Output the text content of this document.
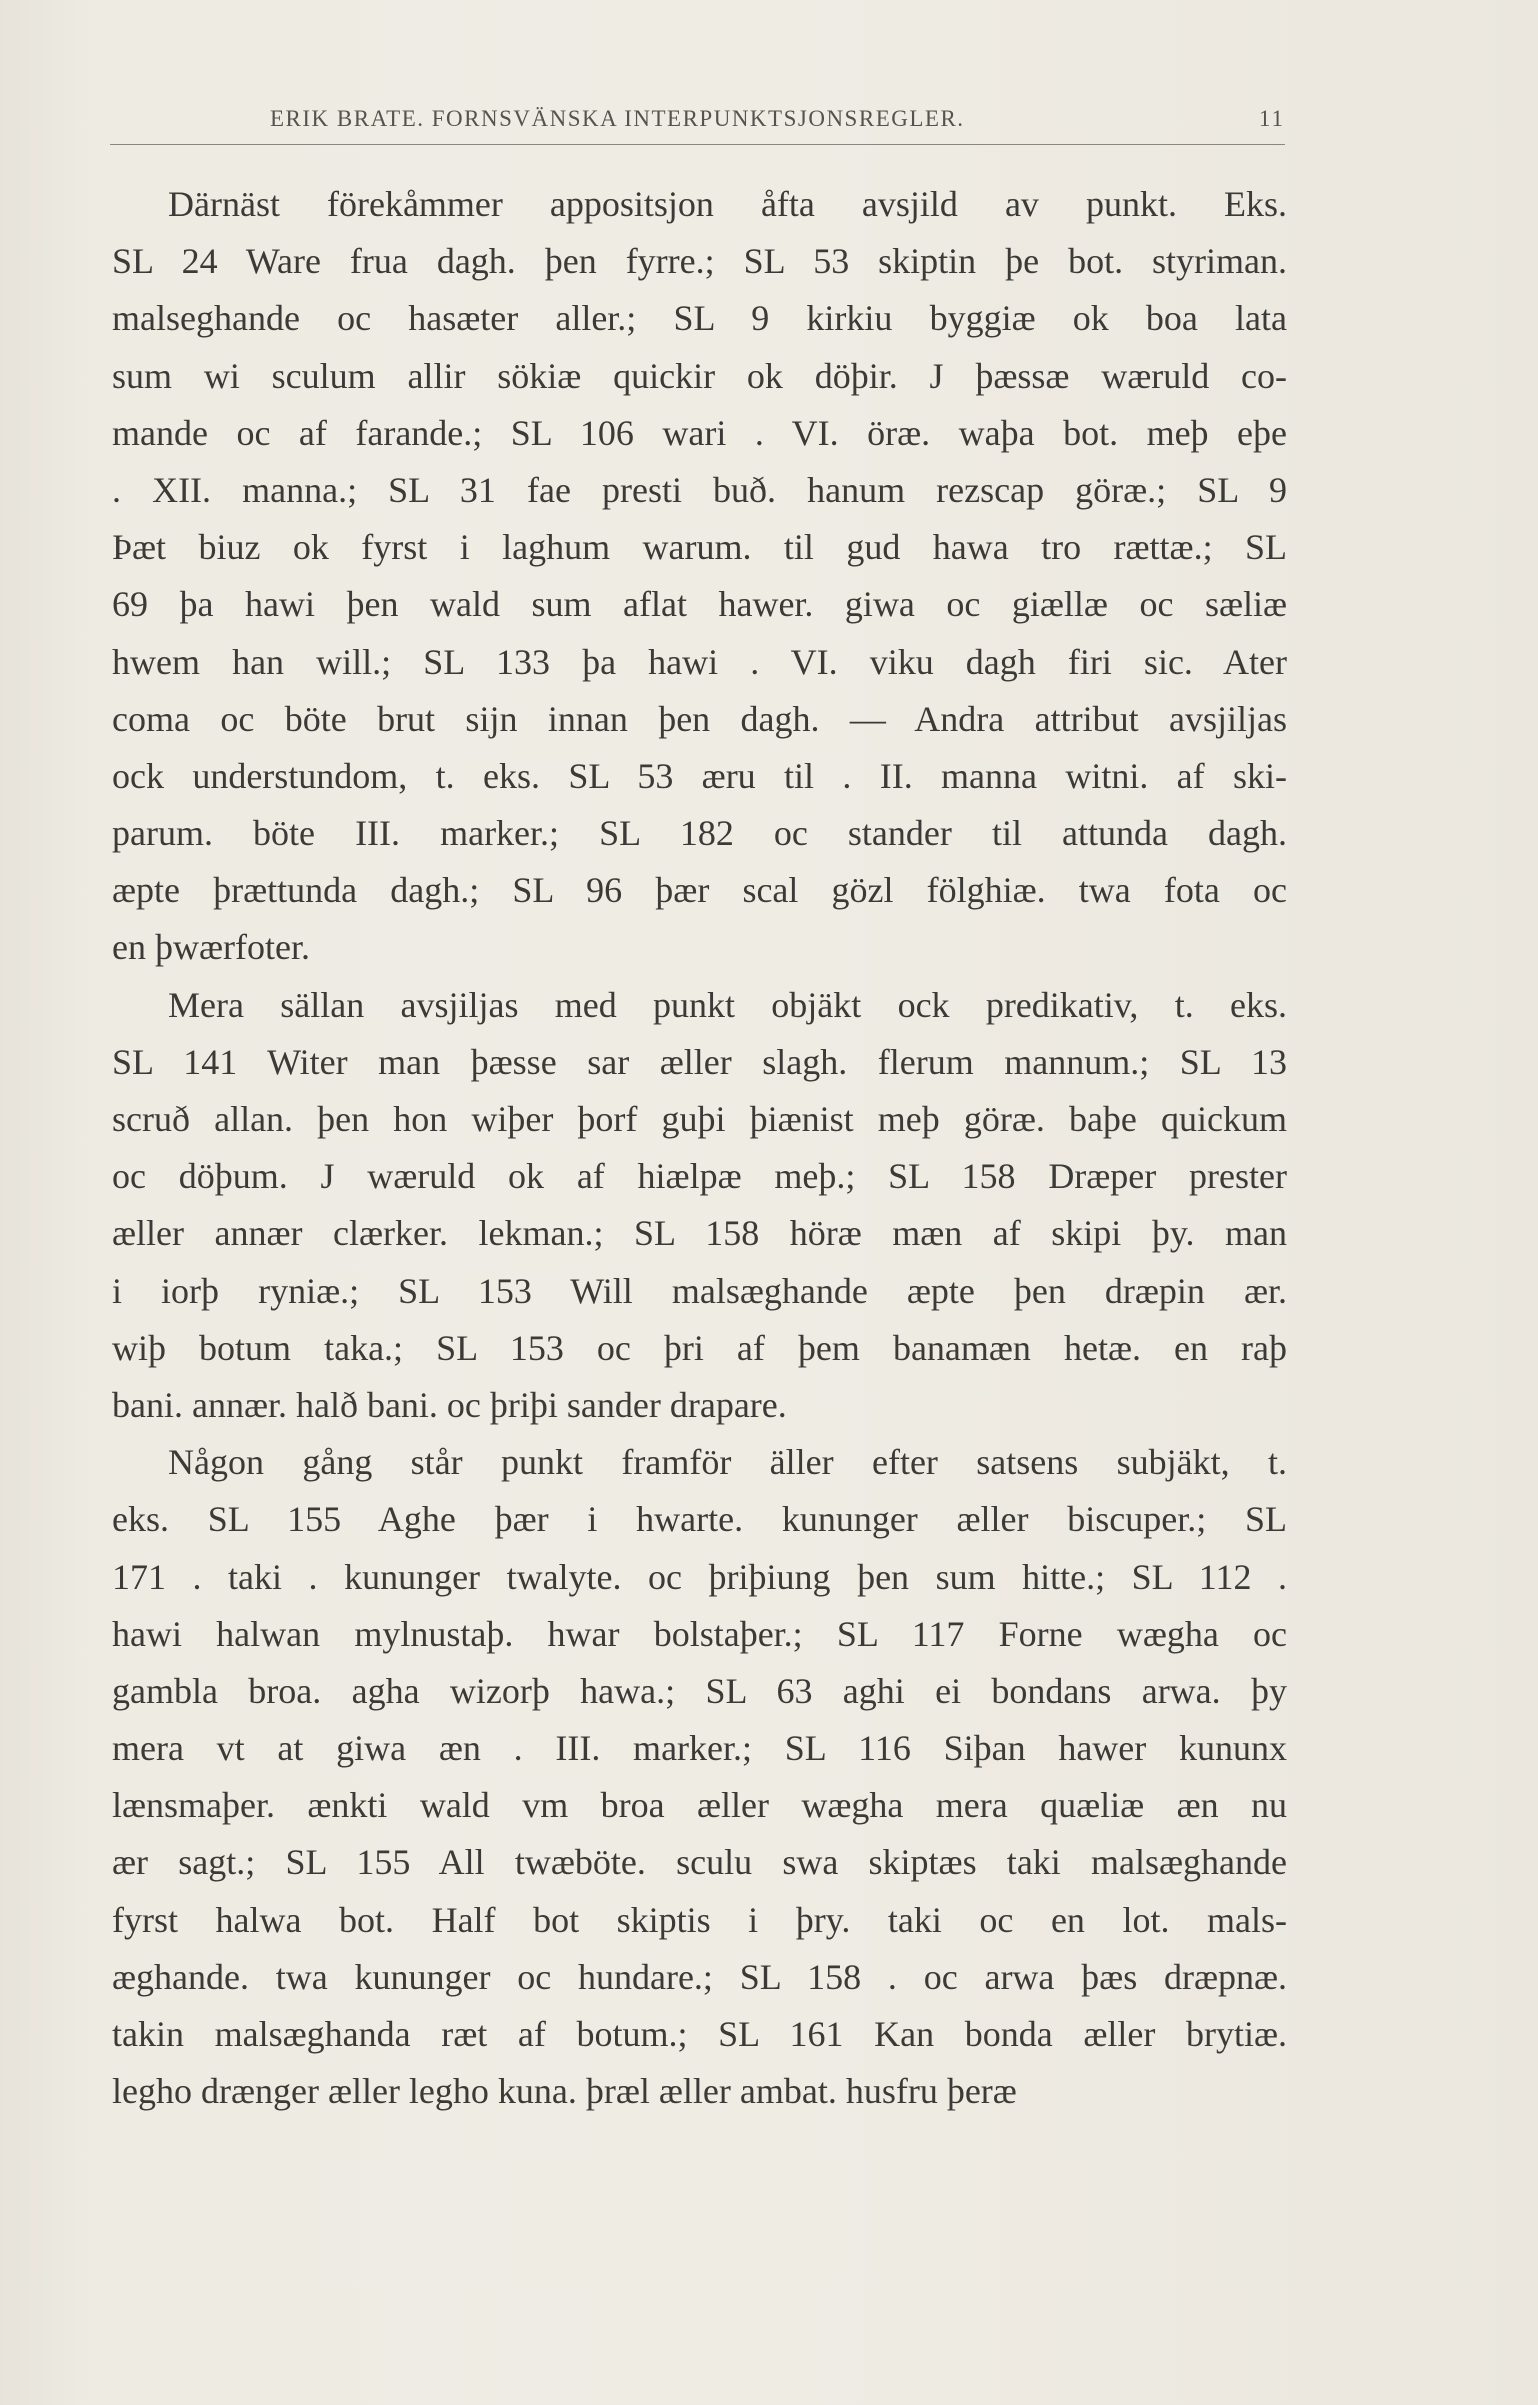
ERIK BRATE. FORNSVÄNSKA INTERPUNKTSJONSREGLER.	11
Därnäst förekåmmer appositsjon åfta avsjild av punkt. Eks.
SL 24 Ware frua dagh. þen fyrre.; SL 53 skiptin þe bot. styriman.
malseghande oc hasæter aller.; SL 9 kirkiu byggiæ ok boa lata
sum wi sculum allir sökiæ quickir ok döþir. J þæssæ wæruld co-
mande oc af farande.; SL 106 wari . VI. öræ. waþa bot. meþ eþe
. XII. manna.; SL 31 fae presti buð. hanum rezscap göræ.; SL 9
Þæt biuz ok fyrst i laghum warum. til gud hawa tro rættæ.; SL
69 þa hawi þen wald sum aflat hawer. giwa oc giællæ oc sæliæ
hwem han will.; SL 133 þa hawi . VI. viku dagh firi sic. Ater
coma oc böte brut sijn innan þen dagh. — Andra attribut avsjiljas
ock understundom, t. eks. SL 53 æru til . II. manna witni. af ski-
parum. böte III. marker.; SL 182 oc stander til attunda dagh.
æpte þrættunda dagh.; SL 96 þær scal gözl fölghiæ. twa fota oc
en þwærfoter.
Mera sällan avsjiljas med punkt objäkt ock predikativ, t. eks.
SL 141 Witer man þæsse sar æller slagh. flerum mannum.; SL 13
scruð allan. þen hon wiþer þorf guþi þiænist meþ göræ. baþe quickum
oc döþum. J wæruld ok af hiælpæ meþ.; SL 158 Dræper prester
æller annær clærker. lekman.; SL 158 höræ mæn af skipi þy. man
i iorþ ryniæ.; SL 153 Will malsæghande æpte þen dræpin ær.
wiþ botum taka.; SL 153 oc þri af þem banamæn hetæ. en raþ
bani. annær. halð bani. oc þriþi sander drapare.
Någon gång står punkt framför äller efter satsens subjäkt, t.
eks. SL 155 Aghe þær i hwarte. kununger æller biscuper.; SL
171 . taki . kununger twalyte. oc þriþiung þen sum hitte.; SL 112 .
hawi halwan mylnustaþ. hwar bolstaþer.; SL 117 Forne wægha oc
gambla broa. agha wizorþ hawa.; SL 63 aghi ei bondans arwa. þy
mera vt at giwa æn . III. marker.; SL 116 Siþan hawer kununx
lænsmaþer. ænkti wald vm broa æller wægha mera quæliæ æn nu
ær sagt.; SL 155 All twæböte. sculu swa skiptæs taki malsæghande
fyrst halwa bot. Half bot skiptis i þry. taki oc en lot. mals-
æghande. twa kununger oc hundare.; SL 158 . oc arwa þæs dræpnæ.
takin malsæghanda ræt af botum.; SL 161 Kan bonda æller brytiæ.
legho drænger æller legho kuna. þræl æller ambat. husfru þeræ
